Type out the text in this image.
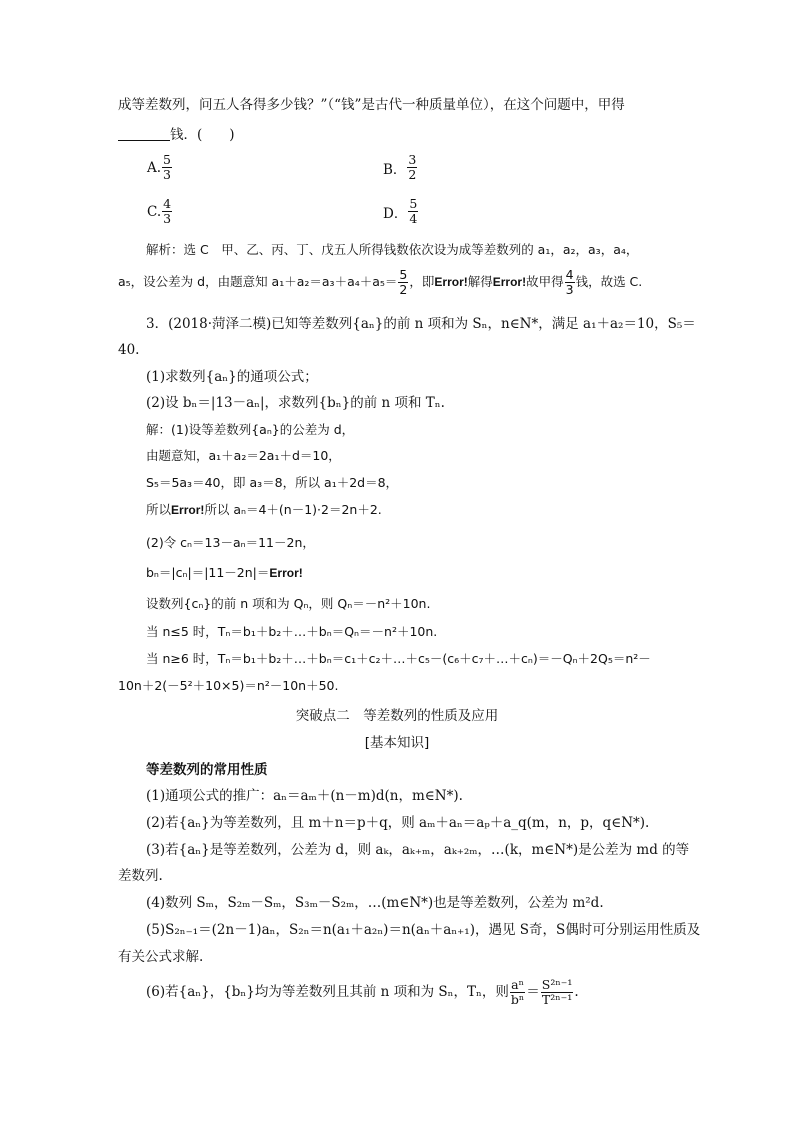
成等差数列，问五人各得多少钱？”（“钱”是古代一种质量单位），在这个问题中，甲得
钱．(　　)
A. $\frac{5}{3}$	B． $\frac{3}{2}$
C. $\frac{4}{3}$	D． $\frac{5}{4}$
解析：选 C　甲、乙、丙、丁、戊五人所得钱数依次设为成等差数列的 a₁，a₂，a₃，a₄，
a₅，设公差为 d，由题意知 $a_1+a_2=a_3+a_4+a_5= \frac{5}{2}$ ，即Error!解得Error!故甲得 $\frac{4}{3}$ 钱，故选 C.
3．(2018·菏泽二模)已知等差数列{aₙ}的前 n 项和为 Sₙ，n∈N*，满足 a₁＋a₂＝10，S₅＝
40.
(1)求数列{aₙ}的通项公式；
(2)设 bₙ＝|13－aₙ|，求数列{bₙ}的前 n 项和 Tₙ.
解：(1)设等差数列{aₙ}的公差为 d，
由题意知，a₁＋a₂＝2a₁＋d＝10，
S₅＝5a₃＝40，即 a₃＝8，所以 a₁＋2d＝8，
所以Error!所以 aₙ＝4＋(n－1)·2＝2n＋2.
(2)令 cₙ＝13－aₙ＝11－2n，
bₙ＝|cₙ|＝|11－2n|＝Error!
设数列{cₙ}的前 n 项和为 Qₙ，则 Qₙ＝－n²＋10n.
当 n≤5 时，Tₙ＝b₁＋b₂＋…＋bₙ＝Qₙ＝－n²＋10n.
当 n≥6 时，Tₙ＝b₁＋b₂＋…＋bₙ＝c₁＋c₂＋…＋c₅－(c₆＋c₇＋…＋cₙ)＝－Qₙ＋2Q₅＝n²－
10n＋2(－5²＋10×5)＝n²－10n＋50.
突破点二　等差数列的性质及应用
[基本知识]
等差数列的常用性质
(1)通项公式的推广：aₙ＝aₘ＋(n－m)d(n，m∈N*).
(2)若{aₙ}为等差数列，且 m＋n＝p＋q，则 aₘ＋aₙ＝aₚ＋a_q(m，n，p，q∈N*).
(3)若{aₙ}是等差数列，公差为 d，则 aₖ，aₖ₊ₘ，aₖ₊₂ₘ，…(k，m∈N*)是公差为 md 的等
差数列.
(4)数列 Sₘ，S₂ₘ－Sₘ，S₃ₘ－S₂ₘ，…(m∈N*)也是等差数列，公差为 m²d.
(5)S₂ₙ₋₁＝(2n－1)aₙ，S₂ₙ＝n(a₁＋a₂ₙ)＝n(aₙ＋aₙ₊₁)，遇见 S奇，S偶时可分别运用性质及
有关公式求解.
(6)若{aₙ}，{bₙ}均为等差数列且其前 n 项和为 Sₙ，Tₙ，则 $\frac{\text{aⁿ}}{\text{bⁿ}} = \frac{\text{S²ⁿ⁻¹}}{\text{T²ⁿ⁻¹}}$ .
